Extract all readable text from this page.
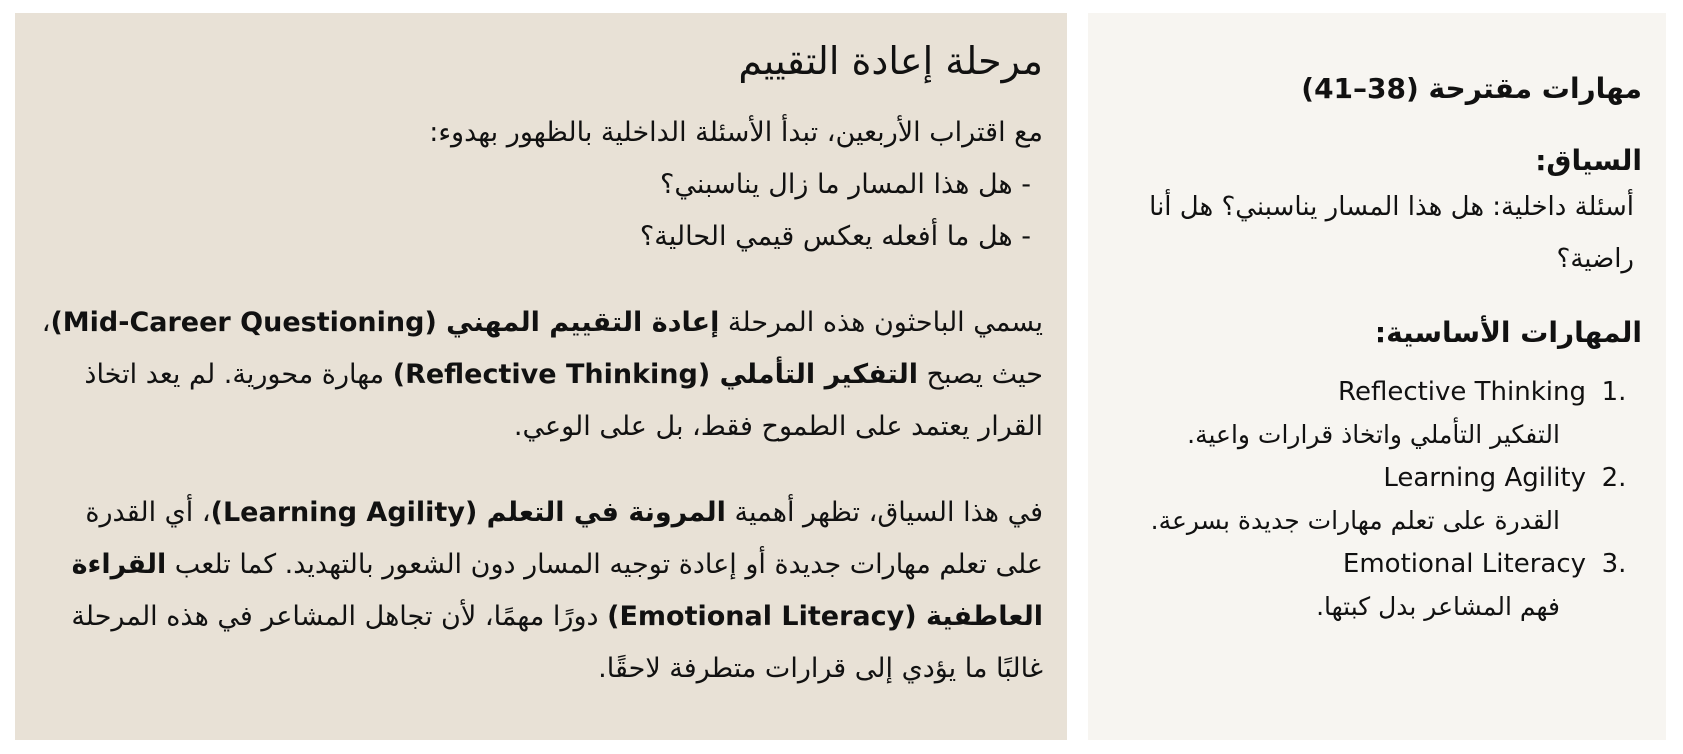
مرحلة إعادة التقييم

مع اقتراب الأربعين، تبدأ الأسئلة الداخلية بالظهور بهدوء:
- هل هذا المسار ما زال يناسبني؟
- هل ما أفعله يعكس قيمي الحالية؟

يسمي الباحثون هذه المرحلة إعادة التقييم المهني (Mid-Career Questioning)، حيث يصبح التفكير التأملي (Reflective Thinking) مهارة محورية. لم يعد اتخاذ القرار يعتمد على الطموح فقط، بل على الوعي.

في هذا السياق، تظهر أهمية المرونة في التعلم (Learning Agility)، أي القدرة على تعلم مهارات جديدة أو إعادة توجيه المسار دون الشعور بالتهديد. كما تلعب القراءة العاطفية (Emotional Literacy) دورًا مهمًا، لأن تجاهل المشاعر في هذه المرحلة غالبًا ما يؤدي إلى قرارات متطرفة لاحقًا.

مهارات مقترحة (38–41)

السياق:

أسئلة داخلية: هل هذا المسار يناسبني؟ هل أنا راضية؟

المهارات الأساسية:

1.
Reflective Thinking
التفكير التأملي واتخاذ قرارات واعية.
2.
Learning Agility
القدرة على تعلم مهارات جديدة بسرعة.
3.
Emotional Literacy
فهم المشاعر بدل كبتها.
